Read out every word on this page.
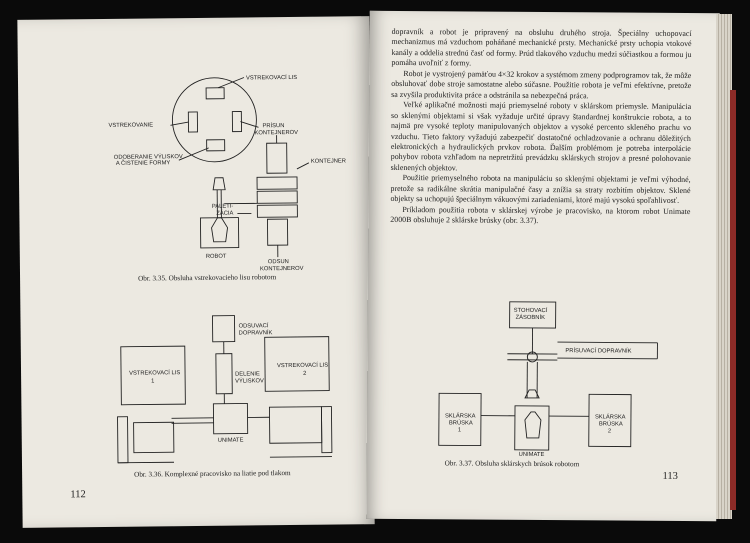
VSTREKOVACÍ LIS
VSTREKOVANIE
ODOBERANIE VÝLISKOV
A ČISTENIE FORMY
PRÍSUN
KONTEJNEROV
KONTEJNER
PALETI-
ZÁCIA
ROBOT
ODSUN
KONTEJNEROV
Obr. 3.35. Obsluha vstrekovacieho lisu robotom
ODSUVACÍ
DOPRAVNÍK
VSTREKOVACÍ LIS
1
VSTREKOVACÍ LIS
2
DELENIE
VÝLISKOV
UNIMATE
Obr. 3.36. Komplexné pracovisko na liatie pod tlakom
112

dopravník a robot je pripravený na obsluhu druhého stroja. Špeciálny uchopovací mechanizmus má vzduchom poháňané mechanické prsty. Mechanické prsty uchopia vtokové kanály a oddelia strednú časť od formy. Prúd tlakového vzduchu medzi súčiastkou a formou ju pomáha uvoľniť z formy.

Robot je vystrojený pamäťou 4×32 krokov a systémom zmeny podprogramov tak, že môže obsluhovať dobe stroje samostatne alebo súčasne. Použitie robota je veľmi efektívne, pretože sa zvyšila produktivita práce a odstránila sa nebezpečná práca.

Veľké aplikačné možnosti majú priemyselné roboty v sklárskom priemysle. Manipulácia so sklenými objektami si však vyžaduje určité úpravy štandardnej konštrukcie robota, a to najmä pre vysoké teploty manipulovaných objektov a vysoké percento skleného prachu vo vzduchu. Tieto faktory vyžadujú zabezpečiť dostatočné ochladzovanie a ochranu dôležitých elektronických a hydraulických prvkov robota. Ďalším problémom je potreba interpolácie pohybov robota vzhľadom na nepretržitú prevádzku sklárskych strojov a presné polohovanie sklenených objektov.

Použitie priemyselného robota na manipuláciu so sklenými objektami je veľmi výhodné, pretože sa radikálne skrátia manipulačné časy a znížia sa straty rozbitím objektov. Sklené objekty sa uchopujú špeciálnym vákuovými zariadeniami, ktoré majú vysokú spoľahlivosť.

Príkladom použitia robota v sklárskej výrobe je pracovisko, na ktorom robot Unimate 2000B obsluhuje 2 sklárske brúsky (obr. 3.37).

STOHOVACÍ
ZÁSOBNÍK
PRÍSUVACÍ DOPRAVNÍK
SKLÁRSKA
BRÚSKA
1
SKLÁRSKA
BRÚSKA
2
UNIMATE
Obr. 3.37. Obsluha sklárskych brúsok robotom
113
